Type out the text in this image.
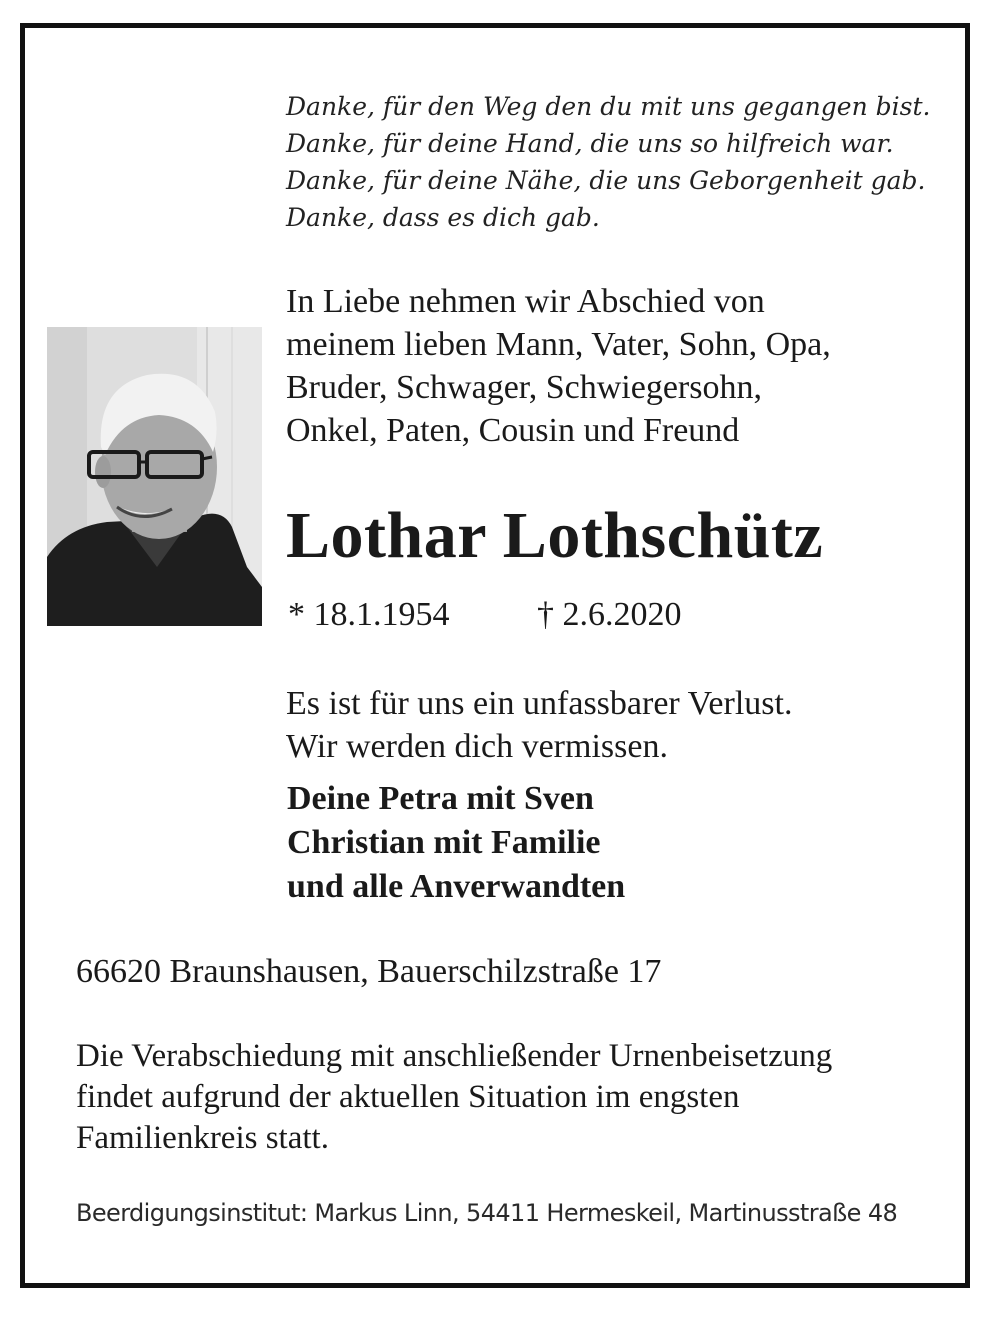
Danke, für den Weg den du mit uns gegangen bist.
Danke, für deine Hand, die uns so hilfreich war.
Danke, für deine Nähe, die uns Geborgenheit gab.
Danke, dass es dich gab.
In Liebe nehmen wir Abschied von
meinem lieben Mann, Vater, Sohn, Opa,
Bruder, Schwager, Schwiegersohn,
Onkel, Paten, Cousin und Freund
Lothar Lothschütz
* 18.1.1954	† 2.6.2020
Es ist für uns ein unfassbarer Verlust.
Wir werden dich vermissen.
Deine Petra mit Sven
Christian mit Familie
und alle Anverwandten
66620 Braunshausen, Bauerschilzstraße 17
Die Verabschiedung mit anschließender Urnenbeisetzung
findet aufgrund der aktuellen Situation im engsten
Familienkreis statt.
Beerdigungsinstitut: Markus Linn, 54411 Hermeskeil, Martinusstraße 48
